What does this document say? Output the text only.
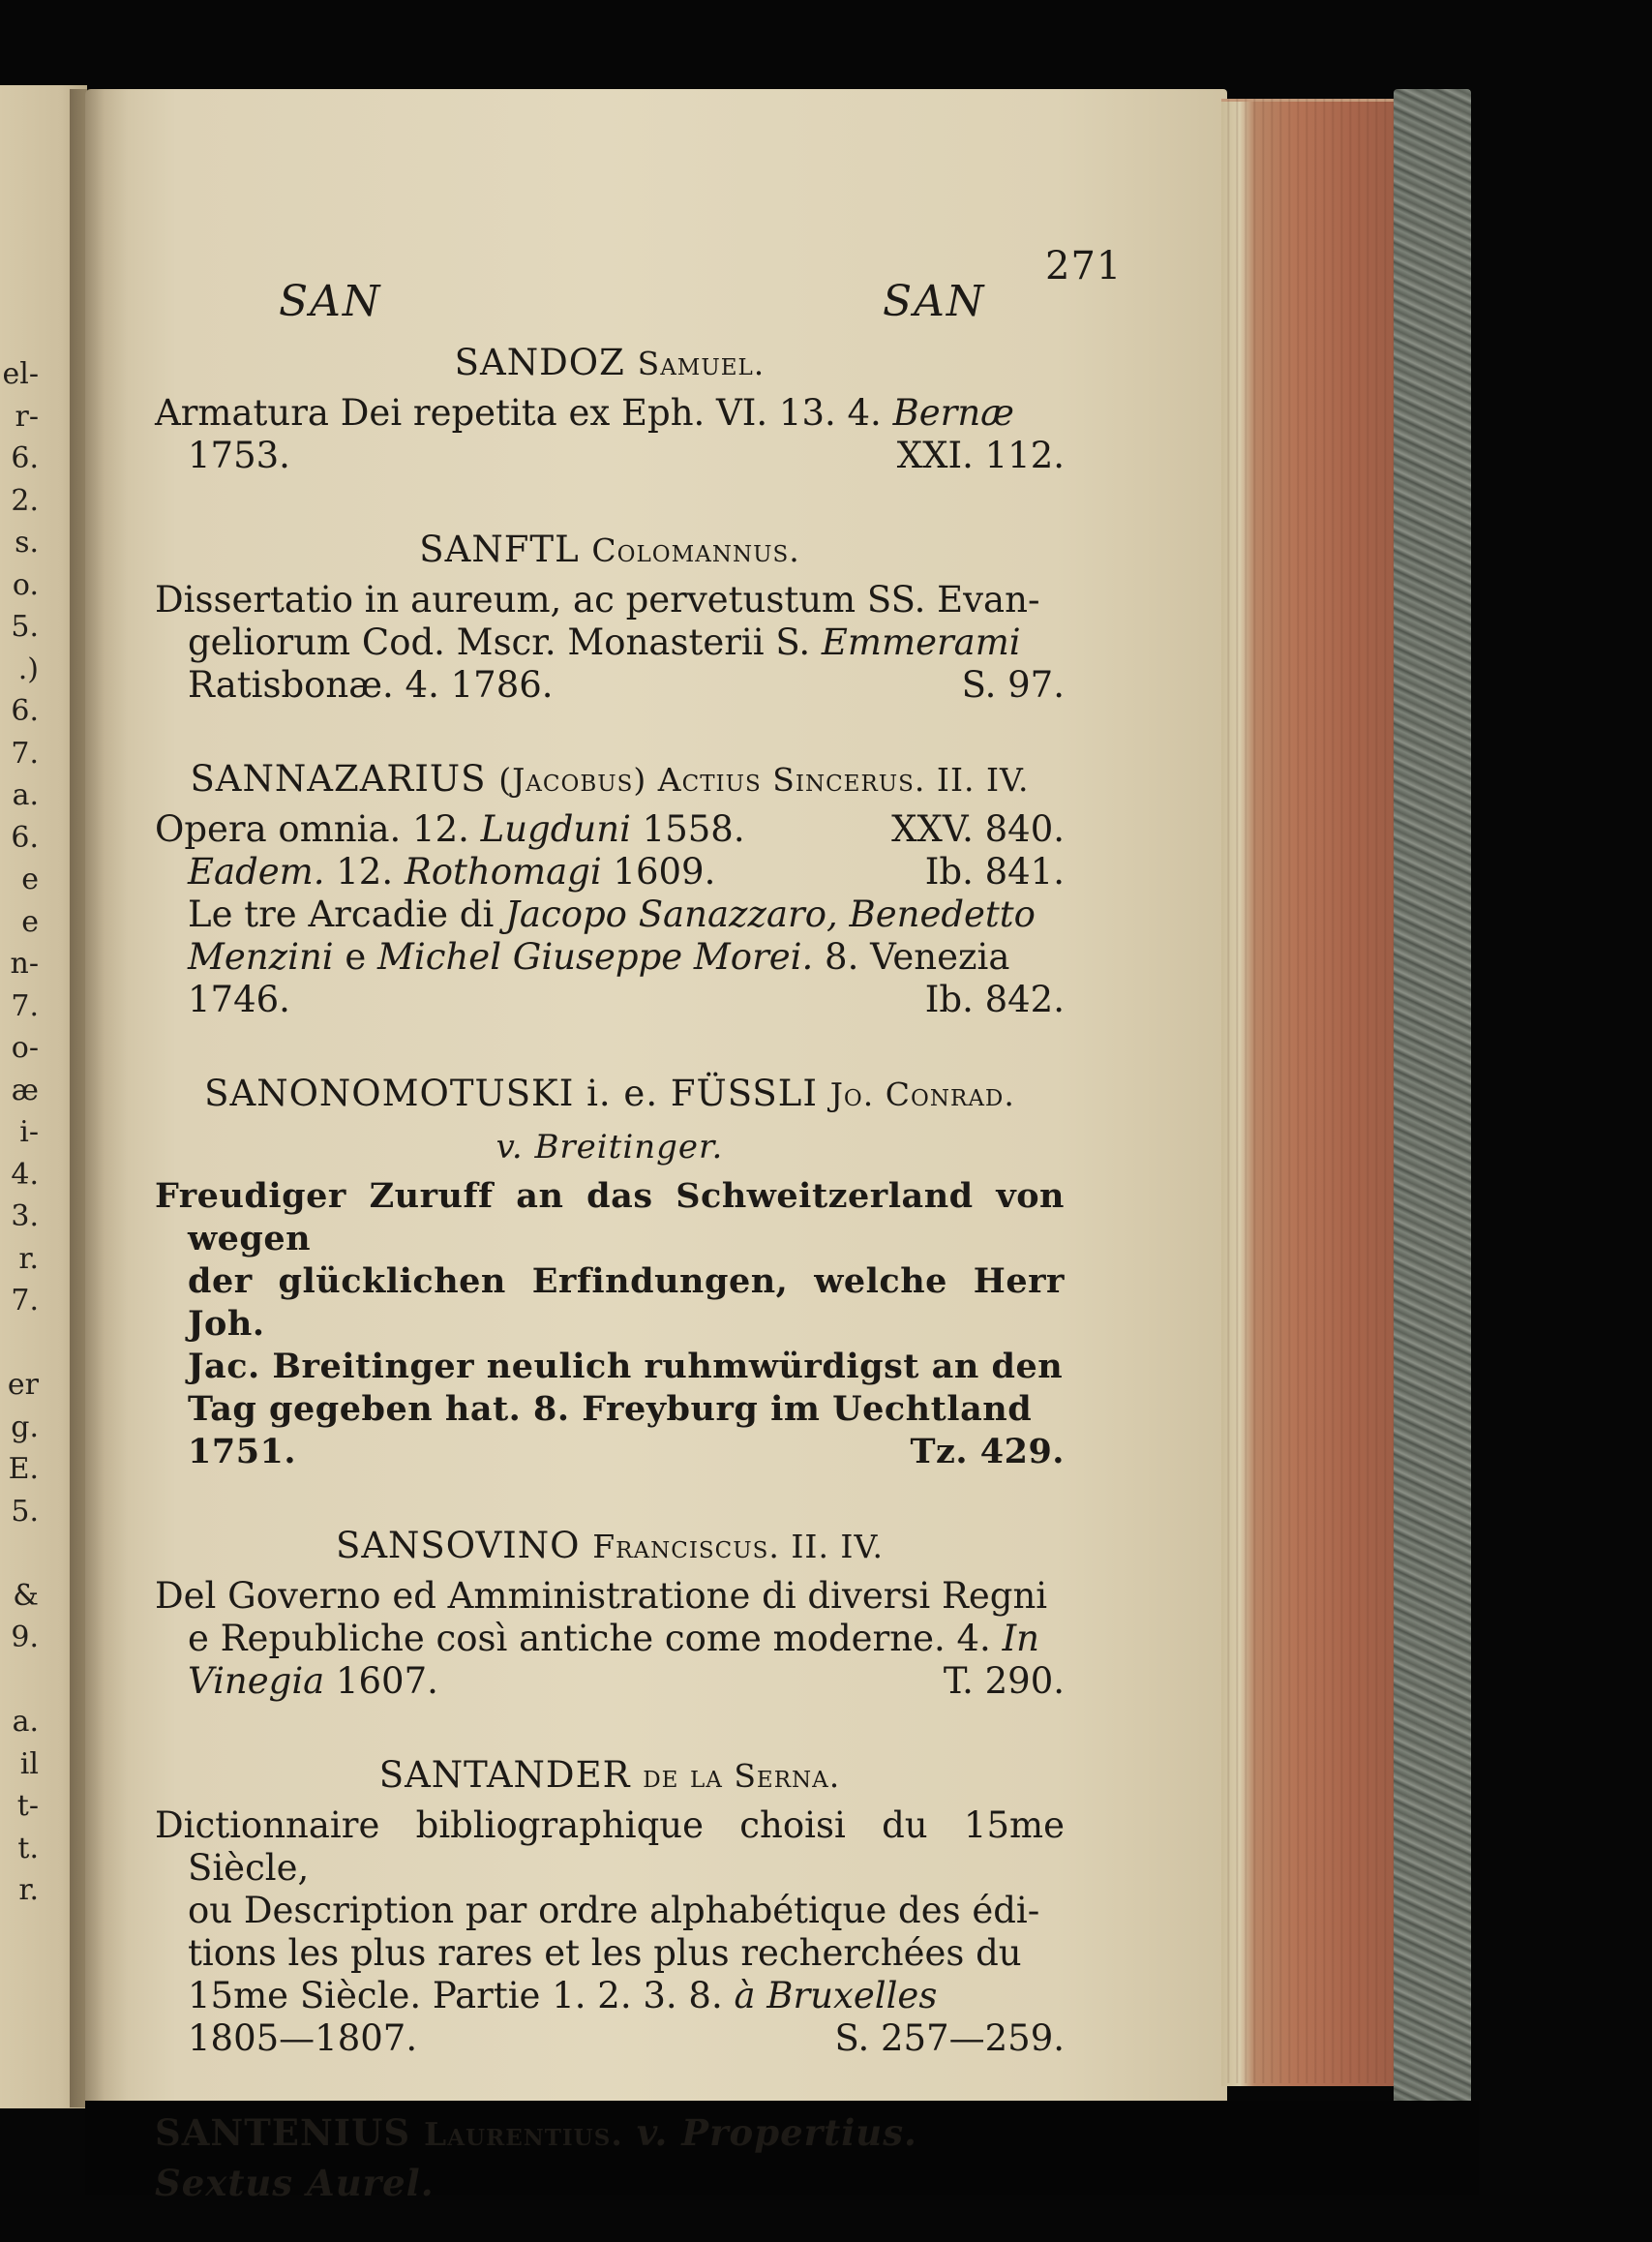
el-
r-
6.
2.
s.
o.
5.
.)
6.
7.
a.
6.
e
e
n-
7.
o-
æ
i-
4.
3.
r.
7.
er
g.
E.
5.
&
9.
a.
il
t-
t.
r.
SAN	SAN
271
SANDOZ Samuel.
Armatura Dei repetita ex Eph. VI. 13. 4. Bernæ
XXI. 112.
1753.
SANFTL Colomannus.
Dissertatio in aureum, ac pervetustum SS. Evan-
geliorum Cod. Mscr. Monasterii S. Emmerami
S. 97.
Ratisbonæ. 4. 1786.
SANNAZARIUS (Jacobus) Actius Sincerus. II. IV.
XXV. 840.
Opera omnia. 12. Lugduni 1558.
Ib. 841.
Eadem. 12. Rothomagi 1609.
Le tre Arcadie di Jacopo Sanazzaro, Benedetto
Menzini e Michel Giuseppe Morei. 8. Venezia
Ib. 842.
1746.
SANONOMOTUSKI i. e. FÜSSLI Jo. Conrad.
v. Breitinger.
Freudiger Zuruff an das Schweitzerland von wegen
der glücklichen Erfindungen, welche Herr Joh.
Jac. Breitinger neulich ruhmwürdigst an den
Tag gegeben hat. 8. Freyburg im Uechtland
Tz. 429.
1751.
SANSOVINO Franciscus. II. IV.
Del Governo ed Amministratione di diversi Regni
e Republiche così antiche come moderne. 4. In
T. 290.
Vinegia 1607.
SANTANDER de la Serna.
Dictionnaire bibliographique choisi du 15me Siècle,
ou Description par ordre alphabétique des édi-
tions les plus rares et les plus recherchées du
15me Siècle. Partie 1. 2. 3. 8. à Bruxelles
S. 257—259.
1805—1807.
SANTENIUS Laurentius. v. Propertius. Sextus Aurel.
